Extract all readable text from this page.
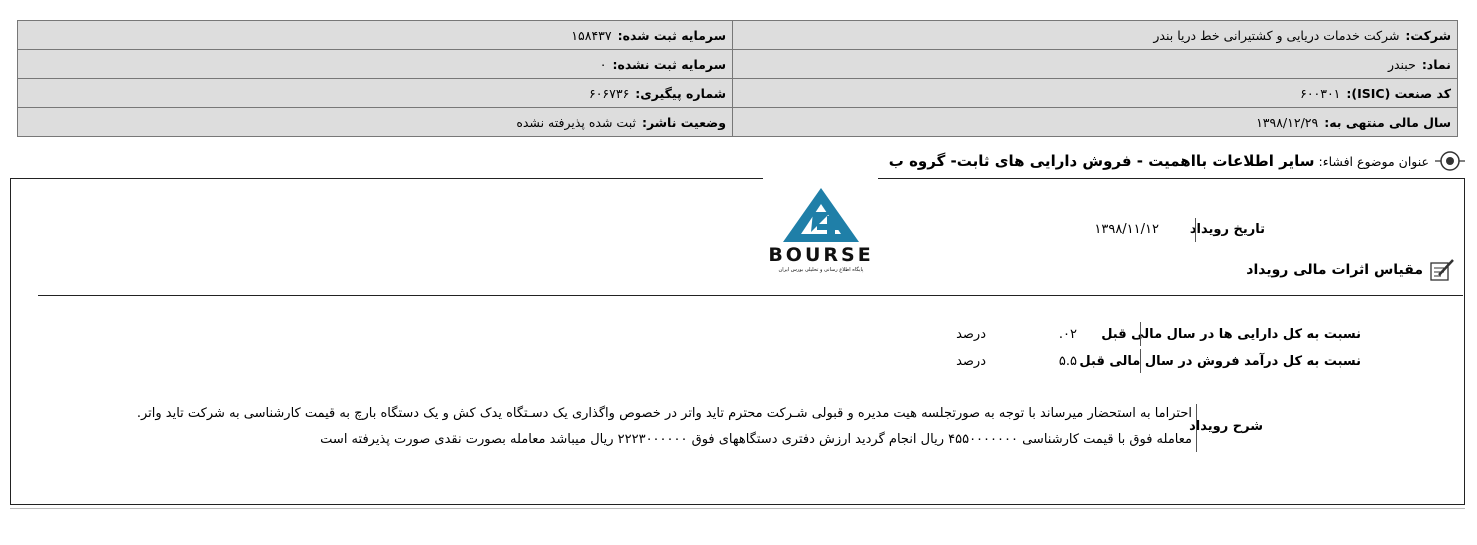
شرکت:شرکت خدمات دریایی و کشتیرانی خط دریا بندر	سرمایه ثبت شده:۱۵۸۴۳۷
نماد:حبندر	سرمایه ثبت نشده:۰
کد صنعت (ISIC):۶۰۰۳۰۱	شماره پیگیری:۶۰۶۷۳۶
سال مالی منتهی به:۱۳۹۸/۱۲/۲۹	وضعیت ناشر:ثبت شده پذیرفته نشده
عنوان موضوع افشاء:
سایر اطلاعات بااهمیت - فروش دارایی های ثابت- گروه ب
BOURSE
پایگاه اطلاع رسانی و تحلیلی بورس ایران
تاریخ رویداد
۱۳۹۸/۱۱/۱۲
مقیاس اثرات مالی رویداد
نسبت به کل دارایی ها در سال مالی قبل
۰۲.
درصد
نسبت به کل درآمد فروش در سال مالی قبل
۵.۵
درصد
شرح رویداد
احتراما به استحضار میرساند با توجه به صورتجلسه هیت مدیره و قبولی شـرکت محترم تاید واتر در خصوص واگذاری یک دسـتگاه یدک کش و یک دستگاه بارچ به قیمت کارشناسی به شرکت تاید واتر.
معامله فوق با قیمت کارشناسی ۴۵۵۰۰۰۰۰۰۰ ریال انجام گردید ارزش دفتری دستگاههای فوق ۲۲۲۳۰۰۰۰۰۰ ریال میباشد معامله بصورت نقدی صورت پذیرفته است
